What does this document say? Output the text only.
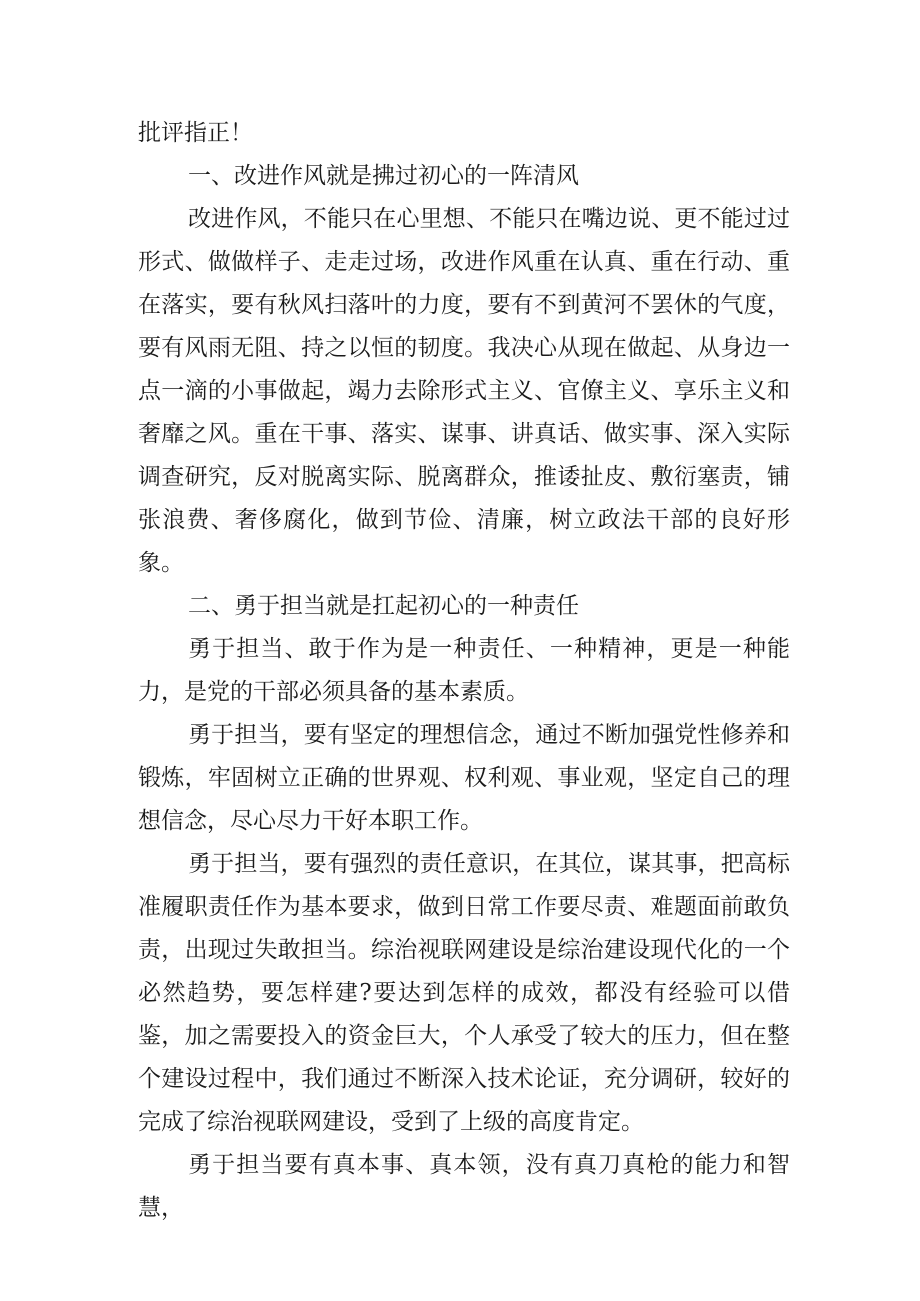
批评指正！

一、改进作风就是拂过初心的一阵清风

改进作风，不能只在心里想、不能只在嘴边说、更不能过过形式、做做样子、走走过场，改进作风重在认真、重在行动、重在落实，要有秋风扫落叶的力度，要有不到黄河不罢休的气度，要有风雨无阻、持之以恒的韧度。我决心从现在做起、从身边一点一滴的小事做起，竭力去除形式主义、官僚主义、享乐主义和奢靡之风。重在干事、落实、谋事、讲真话、做实事、深入实际调查研究，反对脱离实际、脱离群众，推诿扯皮、敷衍塞责，铺张浪费、奢侈腐化，做到节俭、清廉，树立政法干部的良好形象。

二、勇于担当就是扛起初心的一种责任

勇于担当、敢于作为是一种责任、一种精神，更是一种能力，是党的干部必须具备的基本素质。

勇于担当，要有坚定的理想信念，通过不断加强党性修养和锻炼，牢固树立正确的世界观、权利观、事业观，坚定自己的理想信念，尽心尽力干好本职工作。

勇于担当，要有强烈的责任意识，在其位，谋其事，把高标准履职责任作为基本要求，做到日常工作要尽责、难题面前敢负责，出现过失敢担当。综治视联网建设是综治建设现代化的一个必然趋势，要怎样建?要达到怎样的成效，都没有经验可以借鉴，加之需要投入的资金巨大，个人承受了较大的压力，但在整个建设过程中，我们通过不断深入技术论证，充分调研，较好的完成了综治视联网建设，受到了上级的高度肯定。

勇于担当要有真本事、真本领，没有真刀真枪的能力和智慧，
